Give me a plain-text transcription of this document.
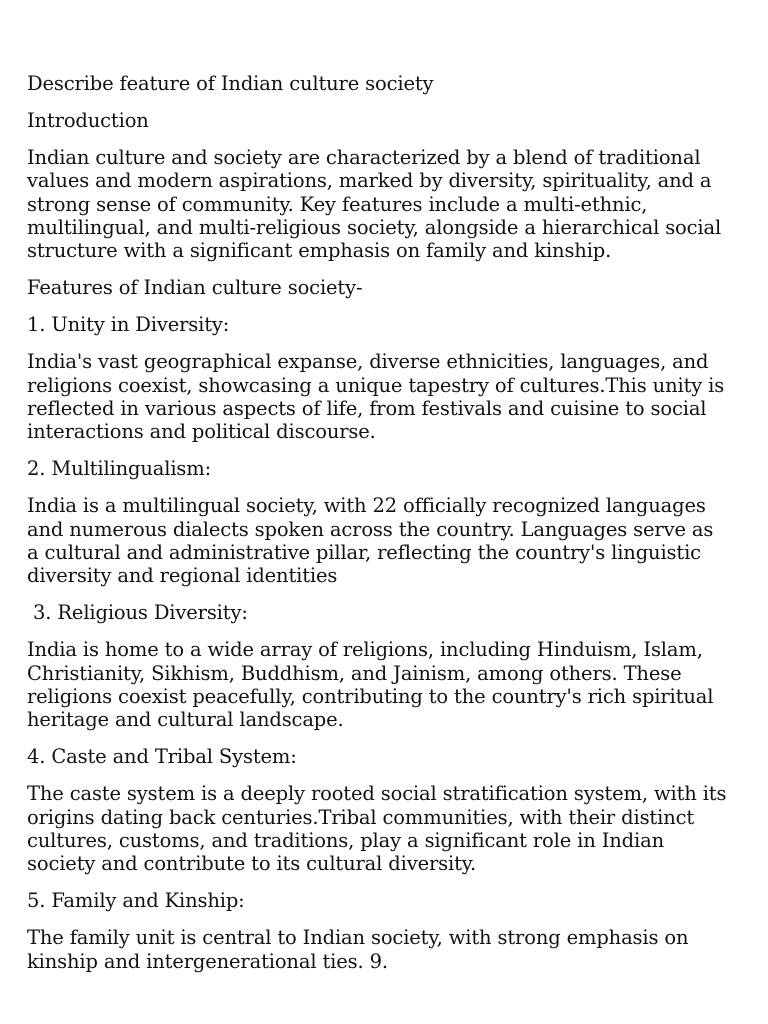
Describe feature of Indian culture society

Introduction

Indian culture and society are characterized by a blend of traditional values and modern aspirations, marked by diversity, spirituality, and a strong sense of community. Key features include a multi-ethnic, multilingual, and multi-religious society, alongside a hierarchical social structure with a significant emphasis on family and kinship.

Features of Indian culture society-

1. Unity in Diversity:

India's vast geographical expanse, diverse ethnicities, languages, and religions coexist, showcasing a unique tapestry of cultures.This unity is reflected in various aspects of life, from festivals and cuisine to social interactions and political discourse.

2. Multilingualism:

India is a multilingual society, with 22 officially recognized languages and numerous dialects spoken across the country. Languages serve as a cultural and administrative pillar, reflecting the country's linguistic diversity and regional identities

3. Religious Diversity:

India is home to a wide array of religions, including Hinduism, Islam, Christianity, Sikhism, Buddhism, and Jainism, among others. These religions coexist peacefully, contributing to the country's rich spiritual heritage and cultural landscape.

4. Caste and Tribal System:

The caste system is a deeply rooted social stratification system, with its origins dating back centuries.Tribal communities, with their distinct cultures, customs, and traditions, play a significant role in Indian society and contribute to its cultural diversity.

5. Family and Kinship:

The family unit is central to Indian society, with strong emphasis on kinship and intergenerational ties. 9.
